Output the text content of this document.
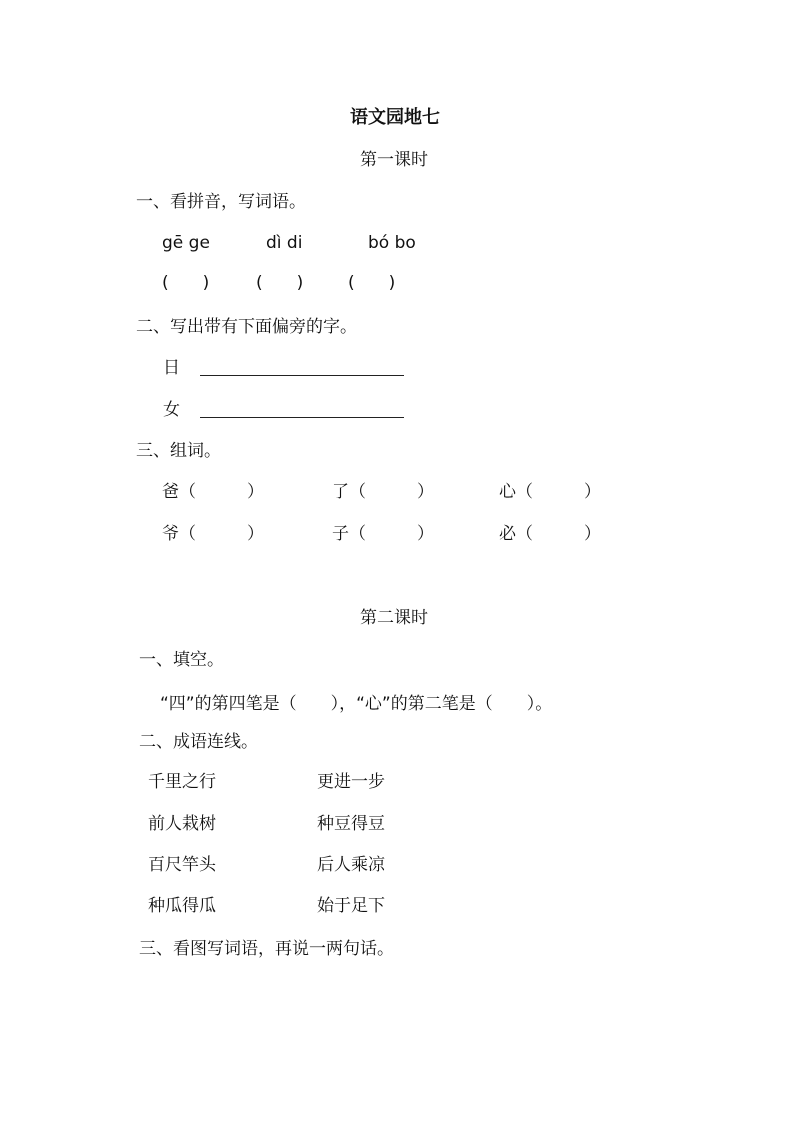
语文园地七
第一课时
一、看拼音，写词语。
gē ge	dì di	bó bo
(　　)	(　　)	(　　)
二、写出带有下面偏旁的字。
日
女
三、组词。
爸（　　　）	了（　　　）	心（　　　）
爷（　　　）	子（　　　）	必（　　　）
第二课时
一、填空。
“四”的第四笔是（　　），“心”的第二笔是（　　）。
二、成语连线。
千里之行	更进一步
前人栽树	种豆得豆
百尺竿头	后人乘凉
种瓜得瓜	始于足下
三、看图写词语，再说一两句话。
